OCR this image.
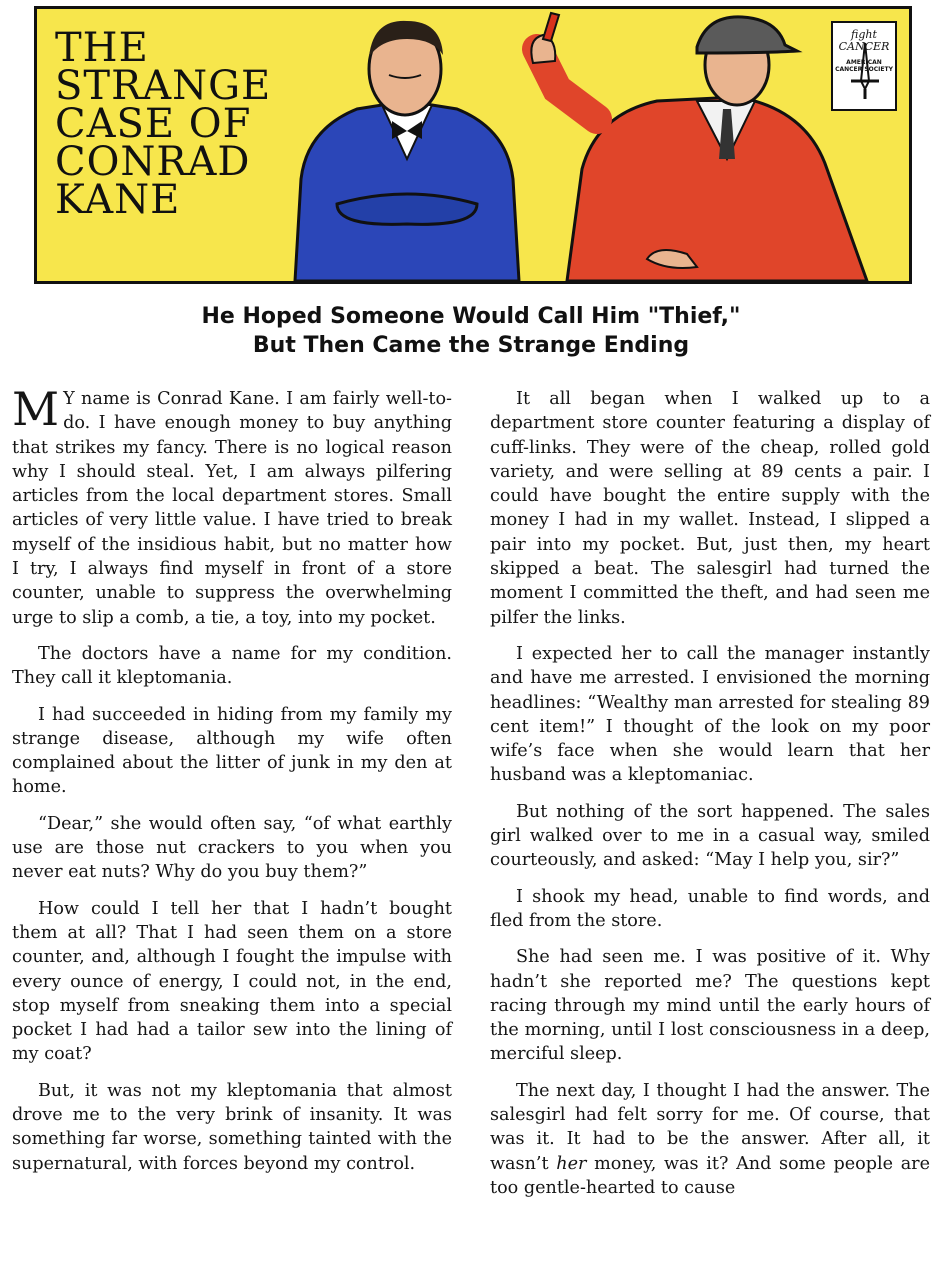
THE
STRANGE
CASE OF
CONRAD
KANE
fight
CANCER
AMERICAN CANCER SOCIETY
He Hoped Someone Would Call Him "Thief,"
But Then Came the Strange Ending

M Y name is Conrad Kane. I am fairly well-to-do. I have enough money to buy anything that strikes my fancy. There is no logical reason why I should steal. Yet, I am always pilfering articles from the local department stores. Small articles of very little value. I have tried to break myself of the insidious habit, but no matter how I try, I always find myself in front of a store counter, unable to suppress the overwhelming urge to slip a comb, a tie, a toy, into my pocket.

The doctors have a name for my condition. They call it kleptomania.

I had succeeded in hiding from my family my strange disease, although my wife often complained about the litter of junk in my den at home.

“Dear,” she would often say, “of what earthly use are those nut crackers to you when you never eat nuts? Why do you buy them?”

How could I tell her that I hadn’t bought them at all? That I had seen them on a store counter, and, although I fought the impulse with every ounce of energy, I could not, in the end, stop myself from sneaking them into a special pocket I had had a tailor sew into the lining of my coat?

But, it was not my kleptomania that almost drove me to the very brink of insanity. It was something far worse, something tainted with the supernatural, with forces beyond my control.

It all began when I walked up to a department store counter featuring a display of cuff-links. They were of the cheap, rolled gold variety, and were selling at 89 cents a pair. I could have bought the entire supply with the money I had in my wallet. Instead, I slipped a pair into my pocket. But, just then, my heart skipped a beat. The salesgirl had turned the moment I committed the theft, and had seen me pilfer the links.

I expected her to call the manager instantly and have me arrested. I envisioned the morning headlines: “Wealthy man arrested for stealing 89 cent item!” I thought of the look on my poor wife’s face when she would learn that her husband was a kleptomaniac.

But nothing of the sort happened. The sales girl walked over to me in a casual way, smiled courteously, and asked: “May I help you, sir?”

I shook my head, unable to find words, and fled from the store.

She had seen me. I was positive of it. Why hadn’t she reported me? The questions kept racing through my mind until the early hours of the morning, until I lost consciousness in a deep, merciful sleep.

The next day, I thought I had the answer. The salesgirl had felt sorry for me. Of course, that was it. It had to be the answer. After all, it wasn’t her money, was it? And some people are too gentle-hearted to cause
